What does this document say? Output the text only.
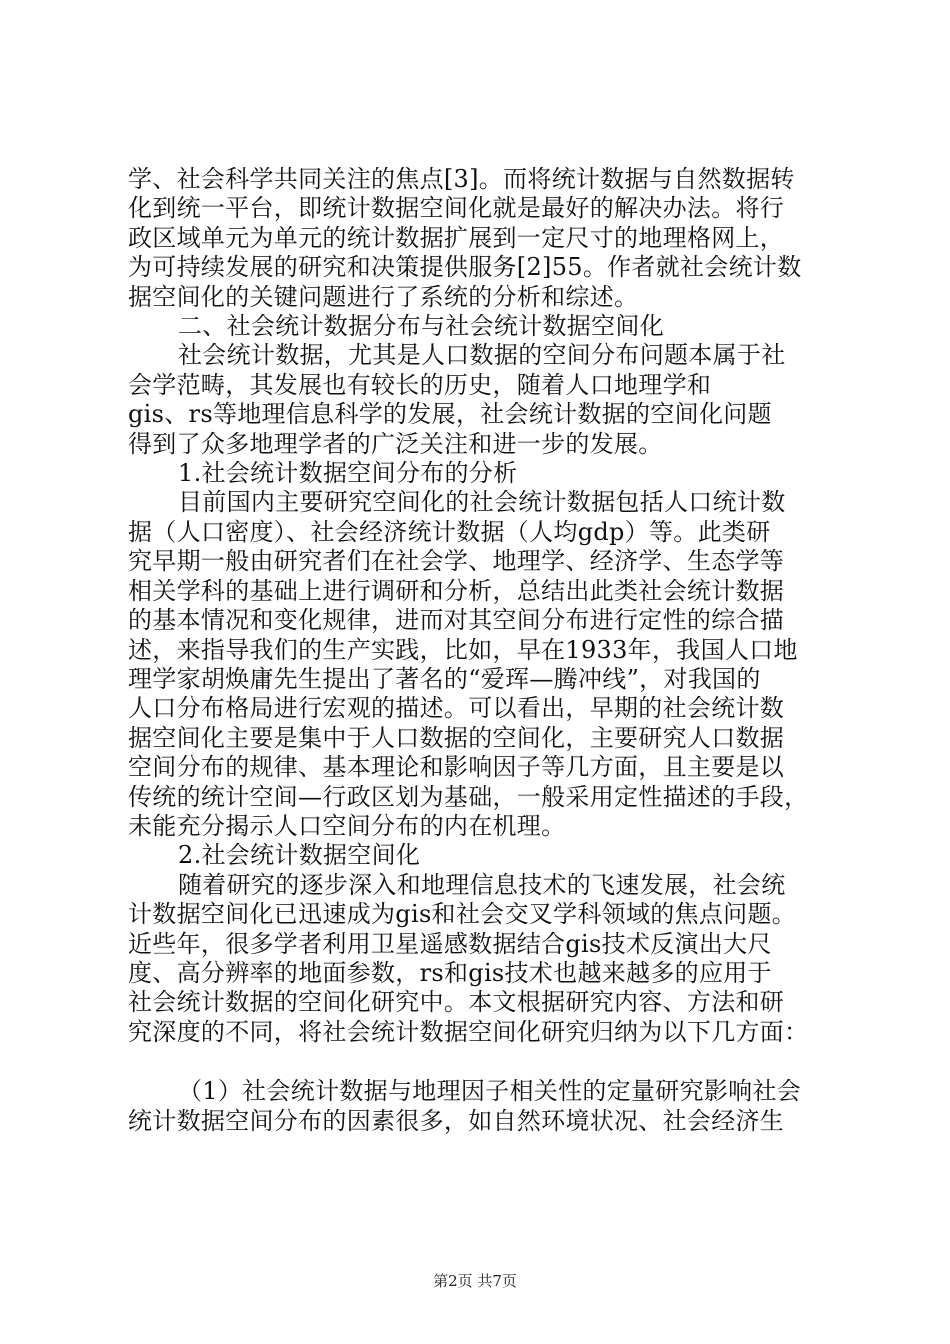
学、社会科学共同关注的焦点[3]。而将统计数据与自然数据转
化到统一平台，即统计数据空间化就是最好的解决办法。将行
政区域单元为单元的统计数据扩展到一定尺寸的地理格网上，
为可持续发展的研究和决策提供服务[2]55。作者就社会统计数
据空间化的关键问题进行了系统的分析和综述。
二、社会统计数据分布与社会统计数据空间化
社会统计数据，尤其是人口数据的空间分布问题本属于社
会学范畴，其发展也有较长的历史，随着人口地理学和
gis、rs等地理信息科学的发展，社会统计数据的空间化问题
得到了众多地理学者的广泛关注和进一步的发展。
1.社会统计数据空间分布的分析
目前国内主要研究空间化的社会统计数据包括人口统计数
据（人口密度）、社会经济统计数据（人均gdp）等。此类研
究早期一般由研究者们在社会学、地理学、经济学、生态学等
相关学科的基础上进行调研和分析，总结出此类社会统计数据
的基本情况和变化规律，进而对其空间分布进行定性的综合描
述，来指导我们的生产实践，比如，早在1933年，我国人口地
理学家胡焕庸先生提出了著名的“爱珲—腾冲线”，对我国的
人口分布格局进行宏观的描述。可以看出，早期的社会统计数
据空间化主要是集中于人口数据的空间化，主要研究人口数据
空间分布的规律、基本理论和影响因子等几方面，且主要是以
传统的统计空间—行政区划为基础，一般采用定性描述的手段，
未能充分揭示人口空间分布的内在机理。
2.社会统计数据空间化
随着研究的逐步深入和地理信息技术的飞速发展，社会统
计数据空间化已迅速成为gis和社会交叉学科领域的焦点问题。
近些年，很多学者利用卫星遥感数据结合gis技术反演出大尺
度、高分辨率的地面参数，rs和gis技术也越来越多的应用于
社会统计数据的空间化研究中。本文根据研究内容、方法和研
究深度的不同，将社会统计数据空间化研究归纳为以下几方面：
（1）社会统计数据与地理因子相关性的定量研究影响社会
统计数据空间分布的因素很多，如自然环境状况、社会经济生
第2页 共7页
